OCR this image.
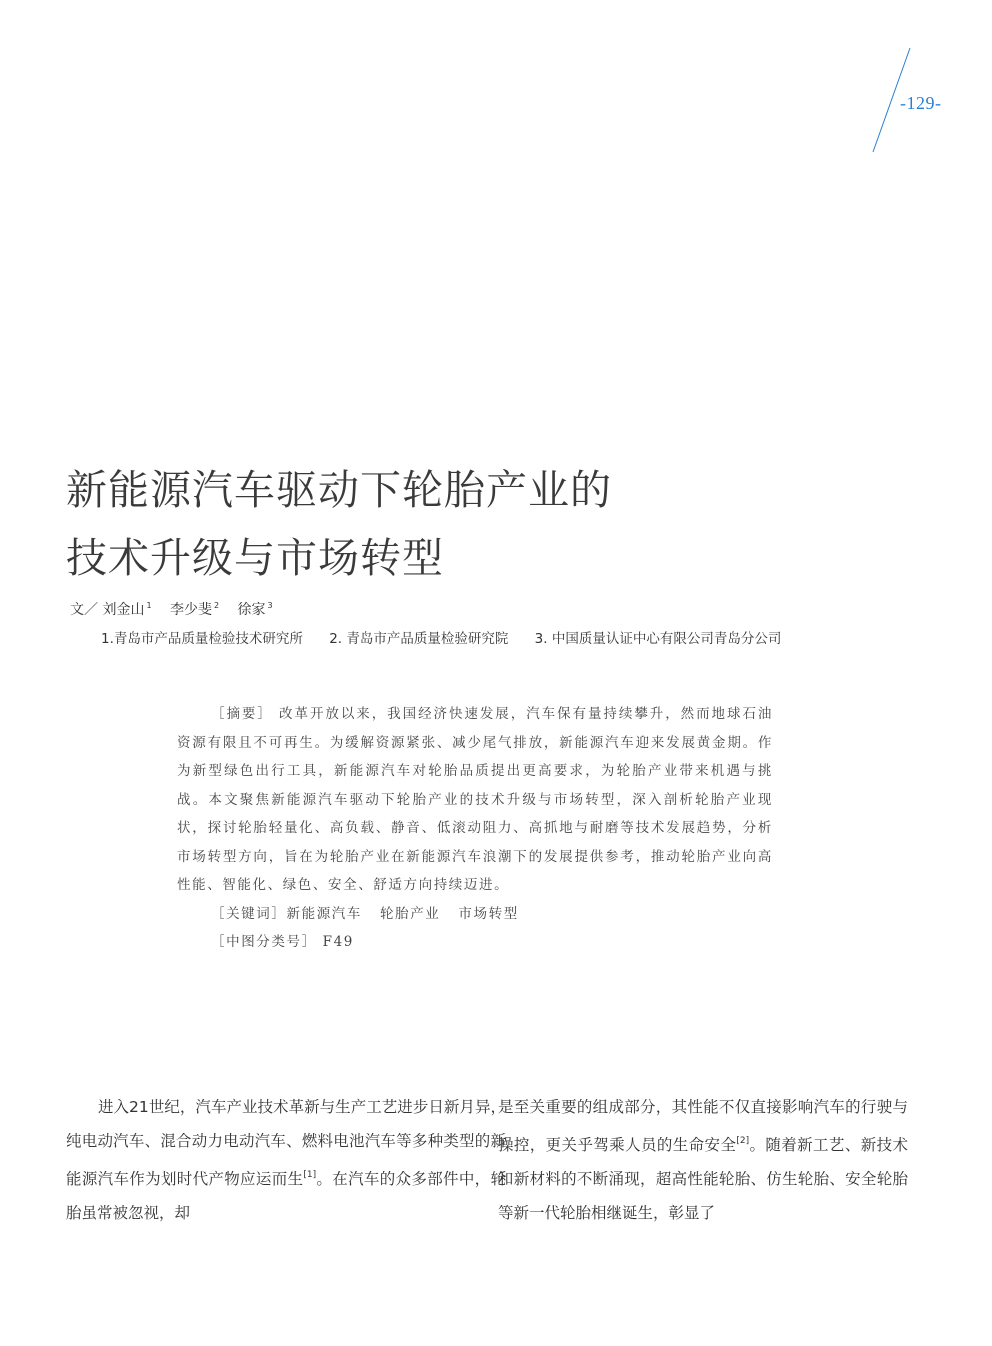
-129-
新能源汽车驱动下轮胎产业的
技术升级与市场转型
文／ 刘金山 $^1$ 李少斐 $^2$ 徐家 $^3$
1.青岛市产品质量检验技术研究所 2. 青岛市产品质量检验研究院 3. 中国质量认证中心有限公司青岛分公司

［摘要］ 改革开放以来，我国经济快速发展，汽车保有量持续攀升，然而地球石油资源有限且不可再生。为缓解资源紧张、减少尾气排放，新能源汽车迎来发展黄金期。作为新型绿色出行工具，新能源汽车对轮胎品质提出更高要求，为轮胎产业带来机遇与挑战。本文聚焦新能源汽车驱动下轮胎产业的技术升级与市场转型，深入剖析轮胎产业现状，探讨轮胎轻量化、高负载、静音、低滚动阻力、高抓地与耐磨等技术发展趋势，分析市场转型方向，旨在为轮胎产业在新能源汽车浪潮下的发展提供参考，推动轮胎产业向高性能、智能化、绿色、安全、舒适方向持续迈进。

［关键词］新能源汽车 轮胎产业 市场转型

［中图分类号］ F49

进入21世纪，汽车产业技术革新与生产工艺进步日新月异，纯电动汽车、混合动力电动汽车、燃料电池汽车等多种类型的新能源汽车作为划时代产物应运而生[1]。在汽车的众多部件中，轮胎虽常被忽视，却

是至关重要的组成部分，其性能不仅直接影响汽车的行驶与操控，更关乎驾乘人员的生命安全[2]。随着新工艺、新技术和新材料的不断涌现，超高性能轮胎、仿生轮胎、安全轮胎等新一代轮胎相继诞生，彰显了
